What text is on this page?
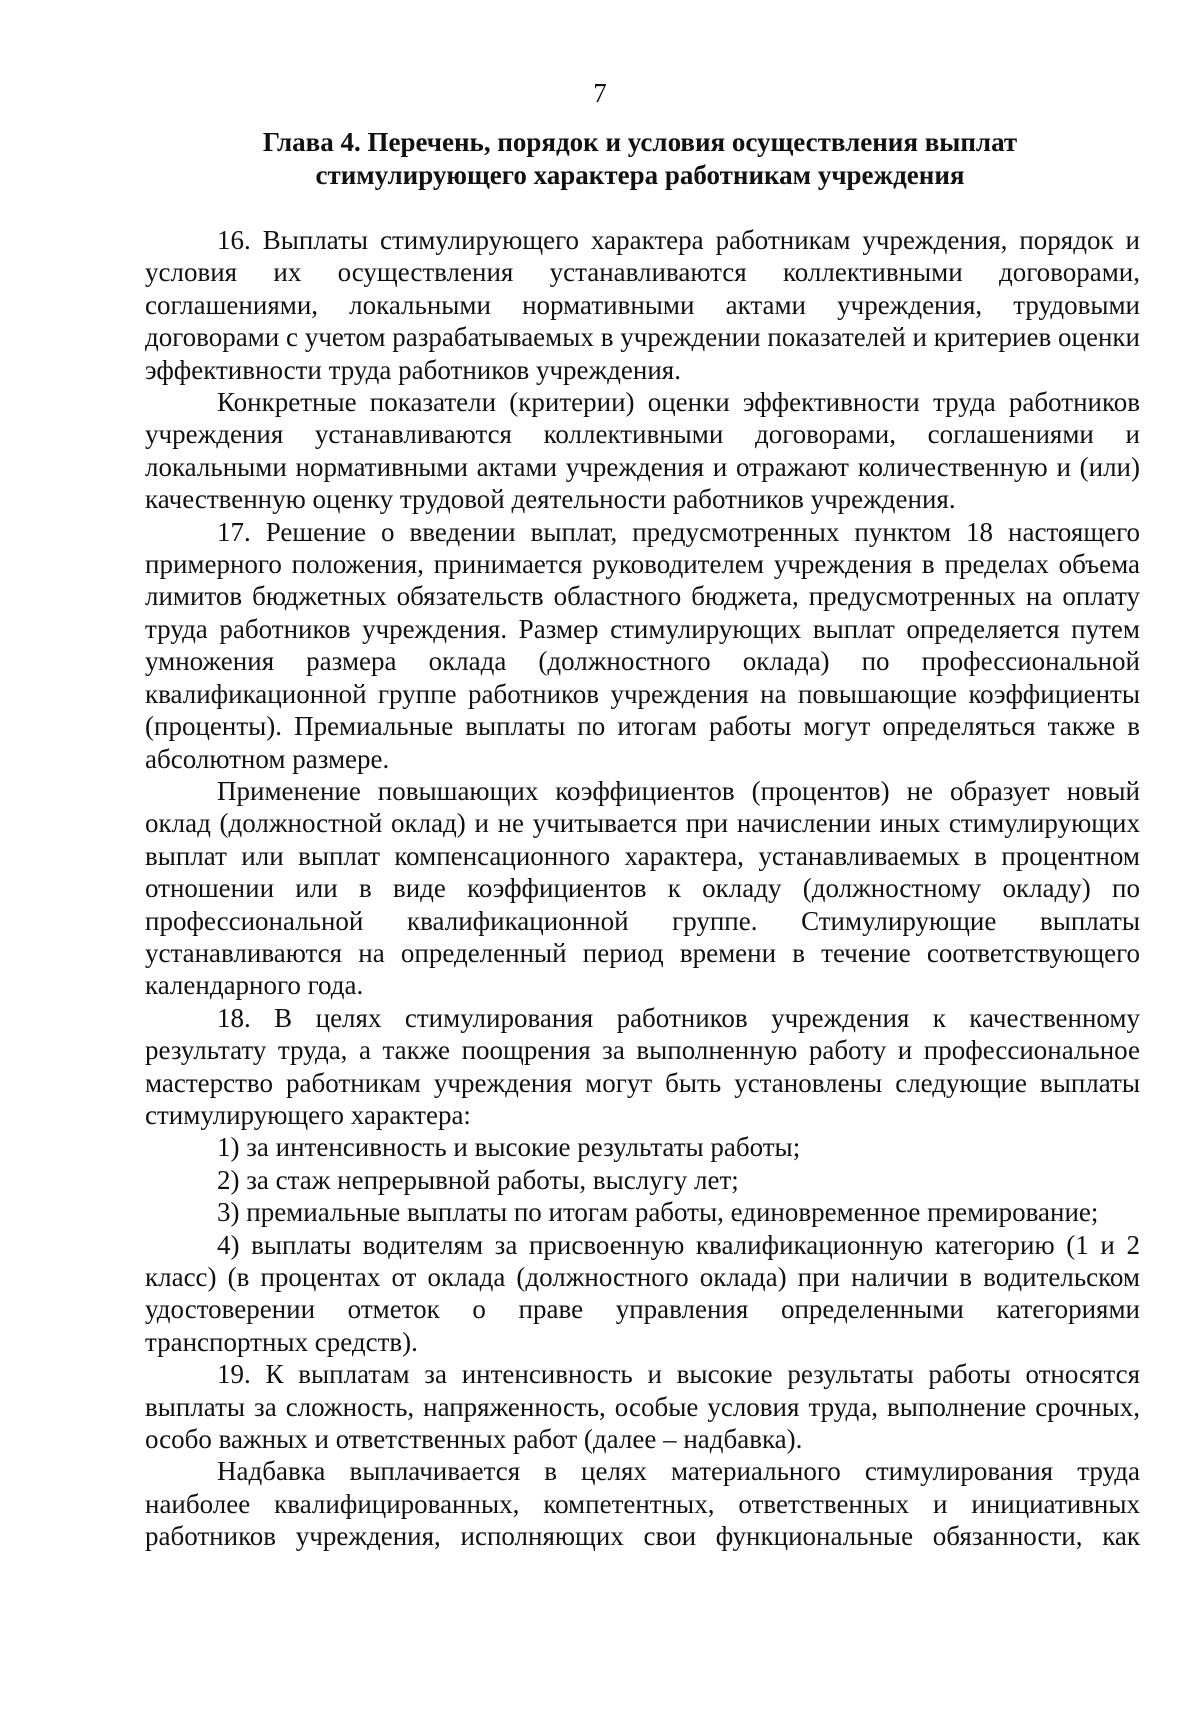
7
Глава 4. Перечень, порядок и условия осуществления выплат
стимулирующего характера работникам учреждения

16. Выплаты стимулирующего характера работникам учреждения, порядок и условия их осуществления устанавливаются коллективными договорами, соглашениями, локальными нормативными актами учреждения, трудовыми договорами с учетом разрабатываемых в учреждении показателей и критериев оценки эффективности труда работников учреждения.

Конкретные показатели (критерии) оценки эффективности труда работников учреждения устанавливаются коллективными договорами, соглашениями и локальными нормативными актами учреждения и отражают количественную и (или) качественную оценку трудовой деятельности работников учреждения.

17. Решение о введении выплат, предусмотренных пунктом 18 настоящего примерного положения, принимается руководителем учреждения в пределах объема лимитов бюджетных обязательств областного бюджета, предусмотренных на оплату труда работников учреждения. Размер стимулирующих выплат определяется путем умножения размера оклада (должностного оклада) по профессиональной квалификационной группе работников учреждения на повышающие коэффициенты (проценты). Премиальные выплаты по итогам работы могут определяться также в абсолютном размере.

Применение повышающих коэффициентов (процентов) не образует новый оклад (должностной оклад) и не учитывается при начислении иных стимулирующих выплат или выплат компенсационного характера, устанавливаемых в процентном отношении или в виде коэффициентов к окладу (должностному окладу) по профессиональной квалификационной группе. Стимулирующие выплаты устанавливаются на определенный период времени в течение соответствующего календарного года.

18. В целях стимулирования работников учреждения к качественному результату труда, а также поощрения за выполненную работу и профессиональное мастерство работникам учреждения могут быть установлены следующие выплаты стимулирующего характера:

1) за интенсивность и высокие результаты работы;

2) за стаж непрерывной работы, выслугу лет;

3) премиальные выплаты по итогам работы, единовременное премирование;

4) выплаты водителям за присвоенную квалификационную категорию (1 и 2 класс) (в процентах от оклада (должностного оклада) при наличии в водительском удостоверении отметок о праве управления определенными категориями транспортных средств).

19. К выплатам за интенсивность и высокие результаты работы относятся выплаты за сложность, напряженность, особые условия труда, выполнение срочных, особо важных и ответственных работ (далее – надбавка).

Надбавка выплачивается в целях материального стимулирования труда наиболее квалифицированных, компетентных, ответственных и инициативных работников учреждения, исполняющих свои функциональные обязанности, как
